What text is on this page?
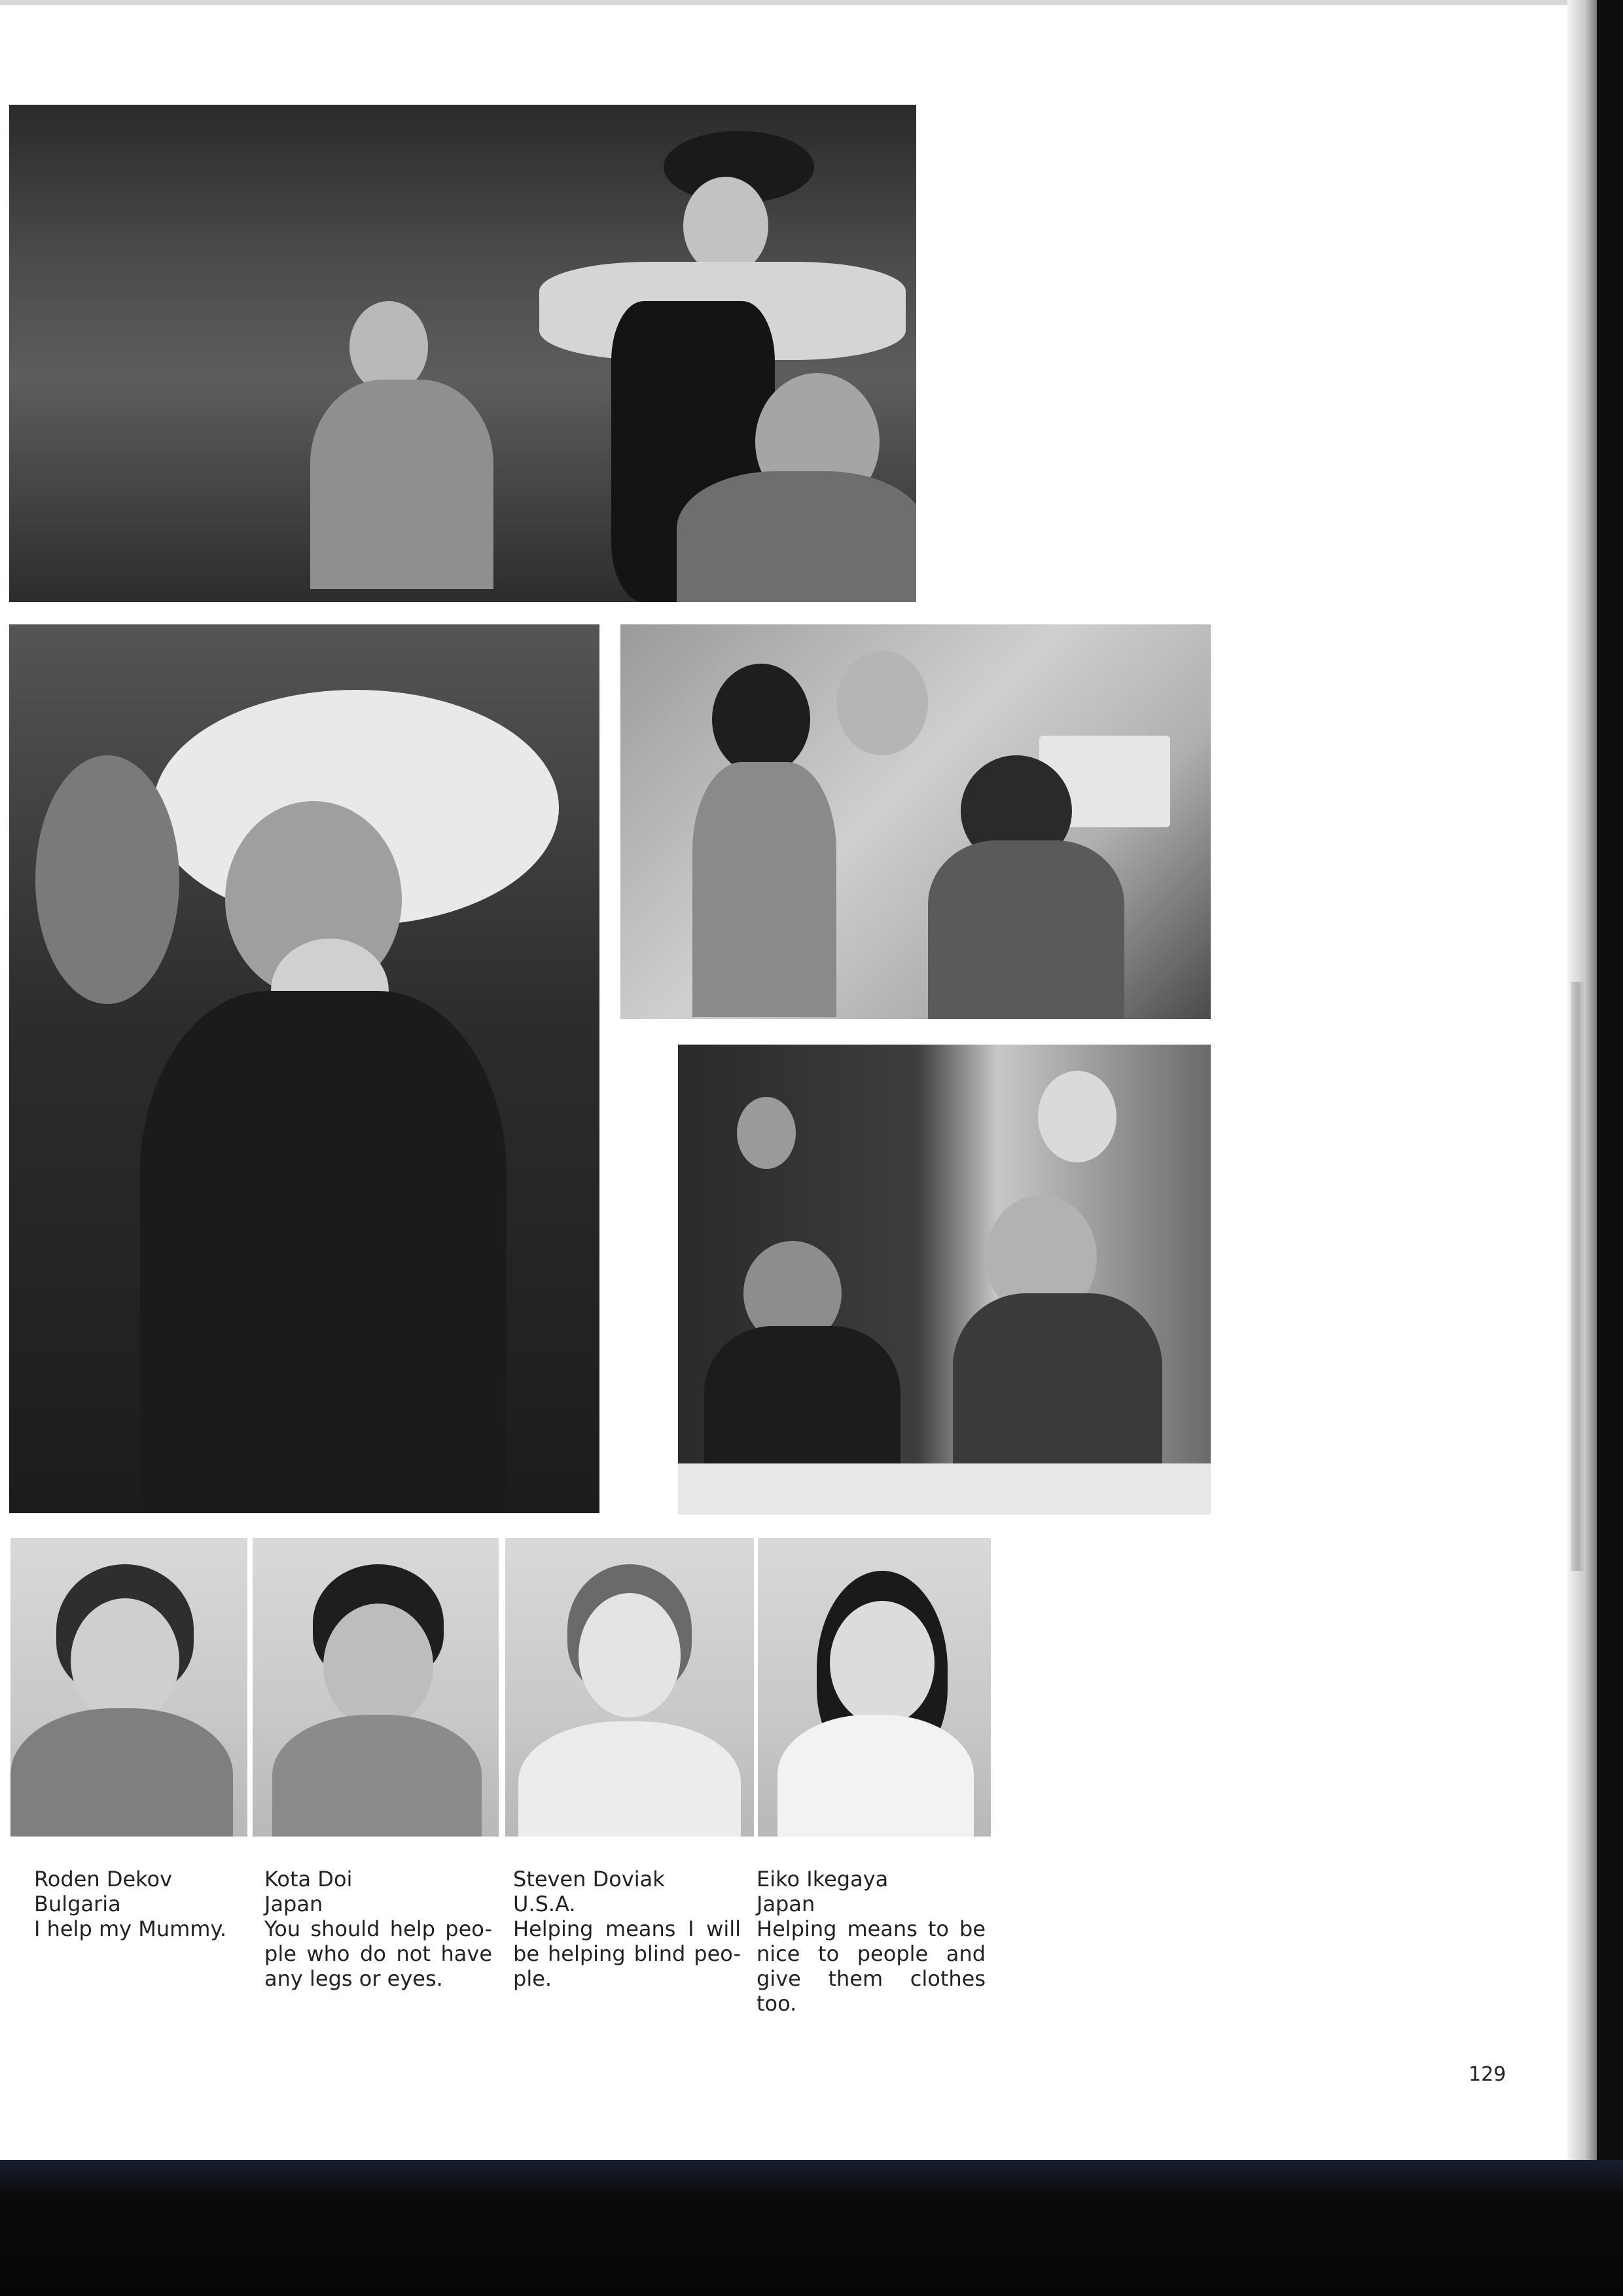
Roden Dekov
Bulgaria
I help my Mummy.
Kota Doi
Japan
You should help peo- ple who do not have any legs or eyes.
Steven Doviak
U.S.A.
Helping means I will be helping blind peo- ple.
Eiko Ikegaya
Japan
Helping means to be nice to people and give them clothes too.
129
